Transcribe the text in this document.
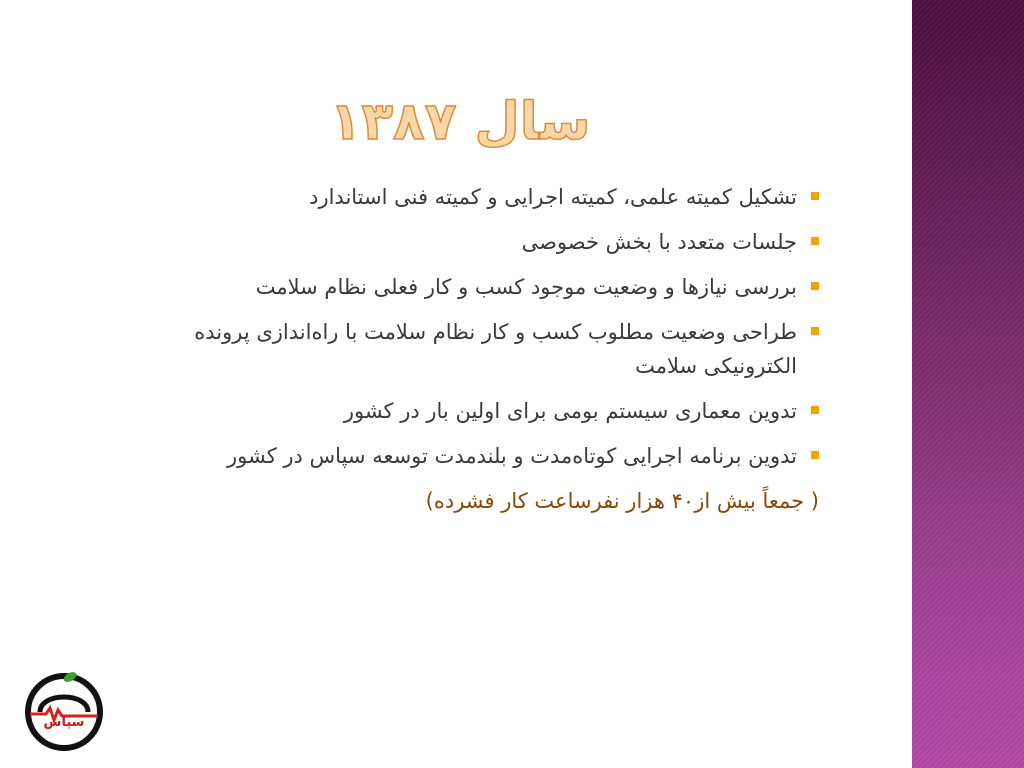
سال ۱۳۸۷
تشکیل کمیته علمی، کمیته اجرایی و کمیته فنی استاندارد
جلسات متعدد با بخش خصوصی
بررسی نیازها و وضعیت موجود کسب و کار فعلی نظام سلامت
طراحی وضعیت مطلوب کسب و کار نظام سلامت با راه‌اندازی پرونده الکترونیکی سلامت
تدوین معماری سیستم بومی برای اولین بار در کشور
تدوین برنامه اجرایی کوتاه‌مدت و بلندمدت توسعه سپاس در کشور
( جمعاً بیش از۴۰ هزار نفرساعت کار فشرده)
سپاس
